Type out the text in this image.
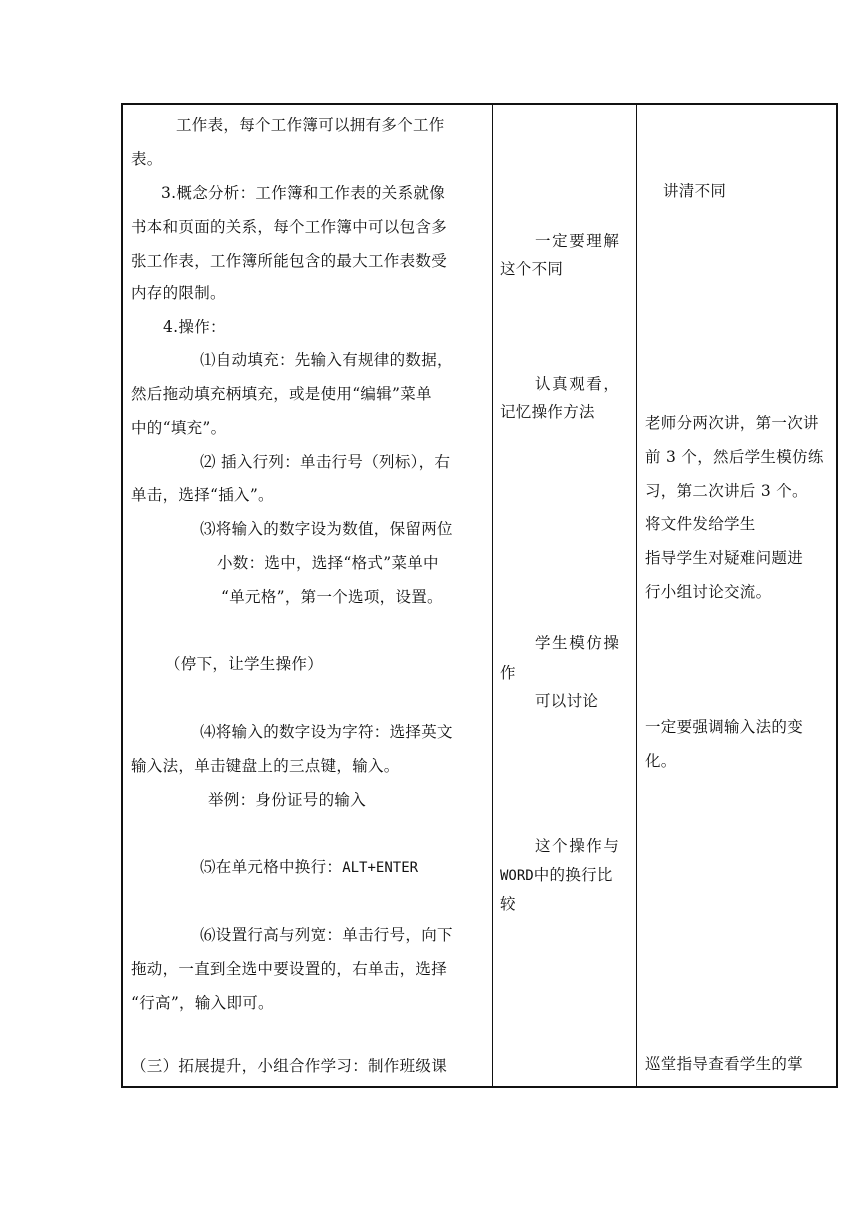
工作表，每个工作簿可以拥有多个工作
表。
3.概念分析：工作簿和工作表的关系就像
书本和页面的关系，每个工作簿中可以包含多
张工作表，工作簿所能包含的最大工作表数受
内存的限制。
4.操作：
⑴自动填充：先输入有规律的数据，
然后拖动填充柄填充，或是使用“编辑”菜单
中的“填充”。
⑵ 插入行列：单击行号（列标），右
单击，选择“插入”。
⑶将输入的数字设为数值，保留两位
小数：选中，选择“格式”菜单中
“单元格”，第一个选项，设置。
（停下，让学生操作）
⑷将输入的数字设为字符：选择英文
输入法，单击键盘上的三点键，输入。
举例：身份证号的输入
⑸在单元格中换行：ALT+ENTER
⑹设置行高与列宽：单击行号，向下
拖动，一直到全选中要设置的，右单击，选择
“行高”，输入即可。
（三）拓展提升，小组合作学习：制作班级课
一定要理解
这个不同
认真观看，
记忆操作方法
学生模仿操
作
可以讨论
这个操作与
WORD中的换行比
较
讲清不同
老师分两次讲，第一次讲
前 3 个，然后学生模仿练
习，第二次讲后 3 个。
将文件发给学生
指导学生对疑难问题进
行小组讨论交流。
一定要强调输入法的变
化。
巡堂指导查看学生的掌
